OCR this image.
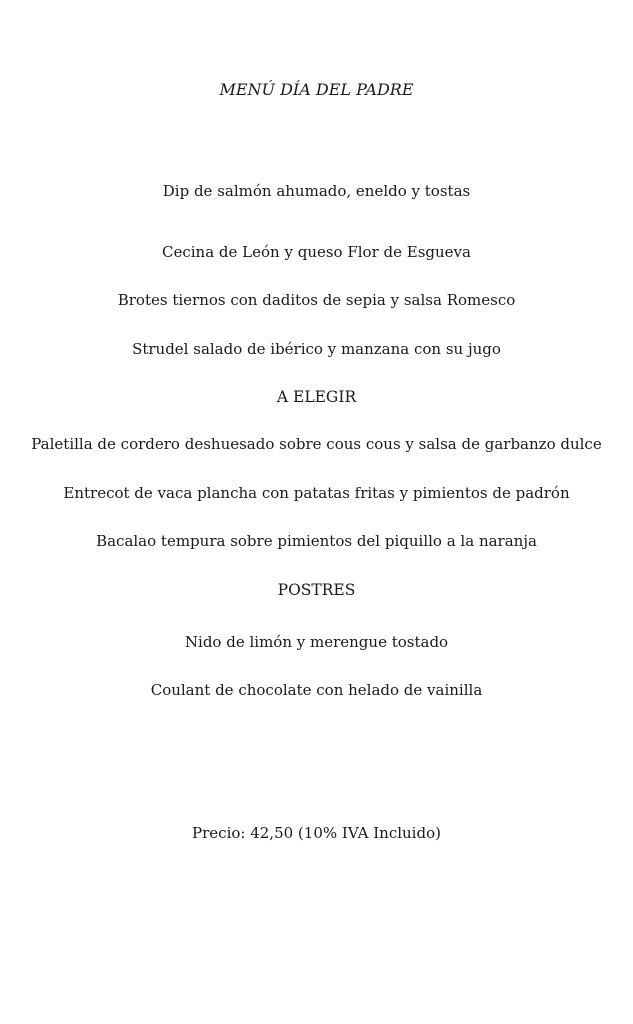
MENÚ DÍA DEL PADRE
Dip de salmón ahumado, eneldo y tostas
Cecina de León y queso Flor de Esgueva
Brotes tiernos con daditos de sepia y salsa Romesco
Strudel salado de ibérico y manzana con su jugo
A ELEGIR
Paletilla de cordero deshuesado sobre cous cous y salsa de garbanzo dulce
Entrecot de vaca plancha con patatas fritas y pimientos de padrón
Bacalao tempura sobre pimientos del piquillo a la naranja
POSTRES
Nido de limón y merengue tostado
Coulant de chocolate con helado de vainilla
Precio: 42,50 (10% IVA Incluido)
